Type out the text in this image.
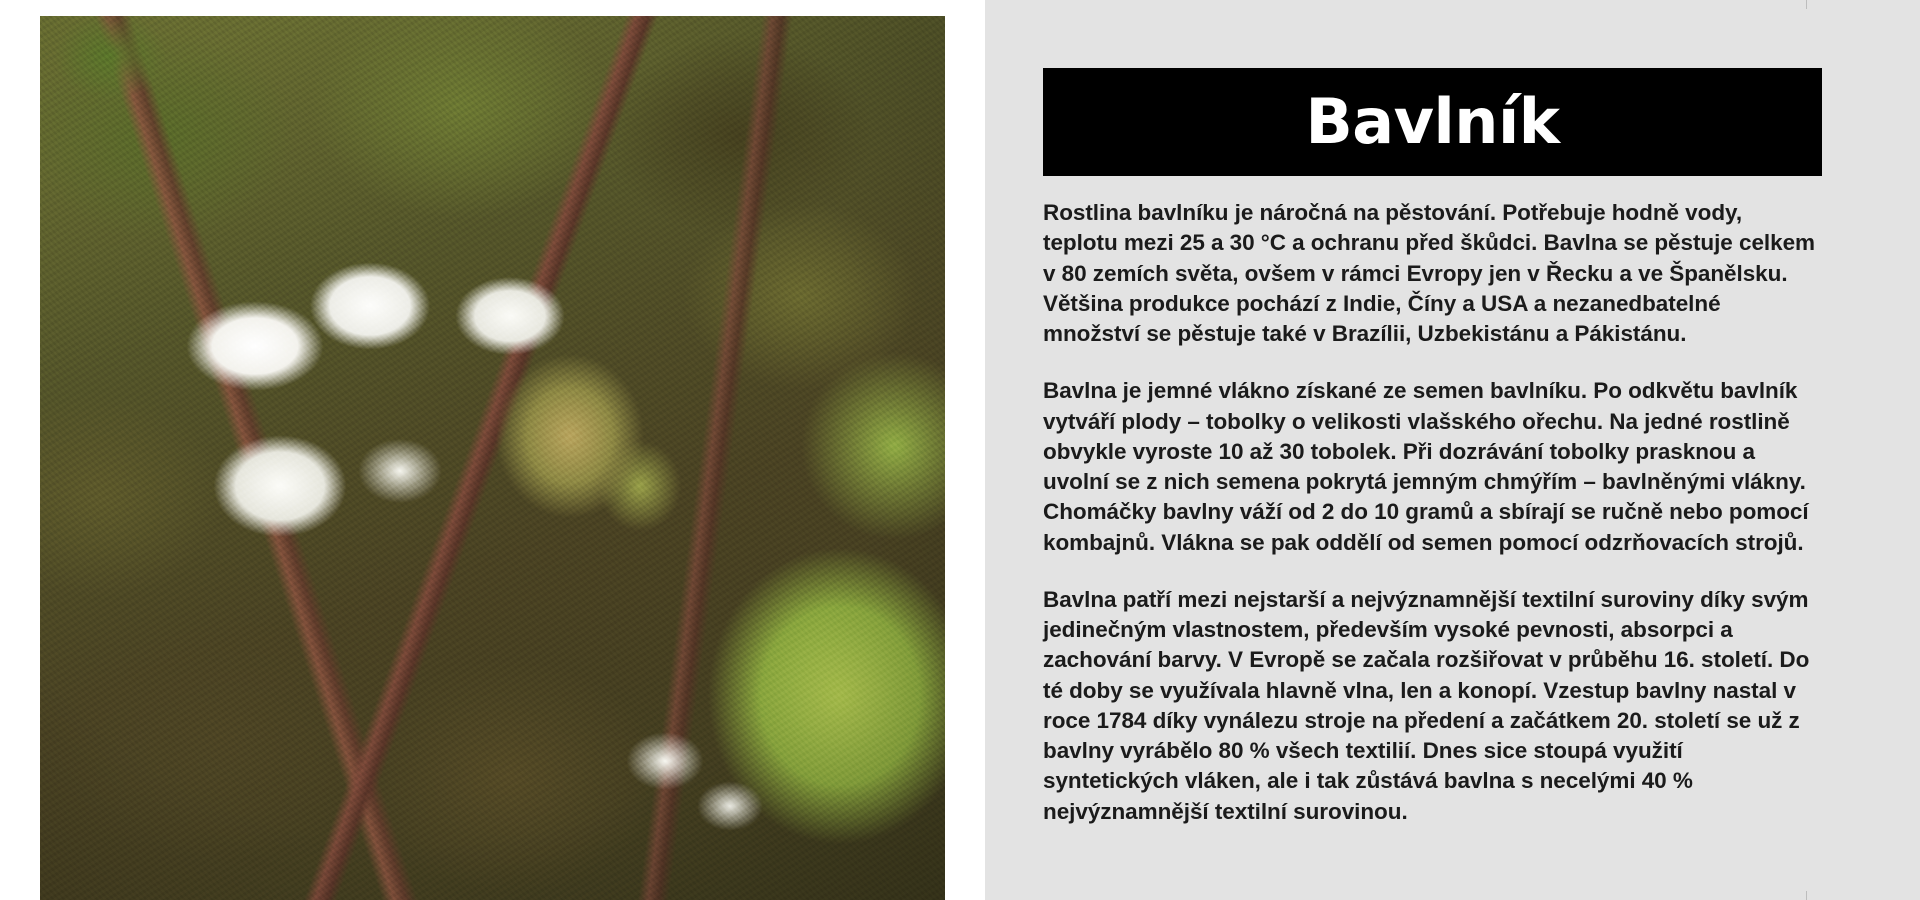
Bavlník

Rostlina bavlníku je náročná na pěstování. Potřebuje hodně vody, teplotu mezi 25 a 30 °C a ochranu před škůdci. Bavlna se pěstuje celkem v 80 zemích světa, ovšem v rámci Evropy jen v Řecku a ve Španělsku. Většina produkce pochází z Indie, Číny a USA a nezanedbatelné množství se pěstuje také v Brazílii, Uzbekistánu a Pákistánu.

Bavlna je jemné vlákno získané ze semen bavlníku. Po odkvětu bavlník vytváří plody – tobolky o velikosti vlašského ořechu. Na jedné rostlině obvykle vyroste 10 až 30 tobolek. Při dozrávání tobolky prasknou a uvolní se z nich semena pokrytá jemným chmýřím – bavlněnými vlákny. Chomáčky bavlny váží od 2 do 10 gramů a sbírají se ručně nebo pomocí kombajnů. Vlákna se pak oddělí od semen pomocí odzrňovacích strojů.

Bavlna patří mezi nejstarší a nejvýznamnější textilní suroviny díky svým jedinečným vlastnostem, především vysoké pevnosti, absorpci a zachování barvy. V Evropě se začala rozšiřovat v průběhu 16. století. Do té doby se využívala hlavně vlna, len a konopí. Vzestup bavlny nastal v roce 1784 díky vynálezu stroje na předení a začátkem 20. století se už z bavlny vyrábělo 80 % všech textilií. Dnes sice stoupá využití syntetických vláken, ale i tak zůstává bavlna s necelými 40 % nejvýznamnější textilní surovinou.
